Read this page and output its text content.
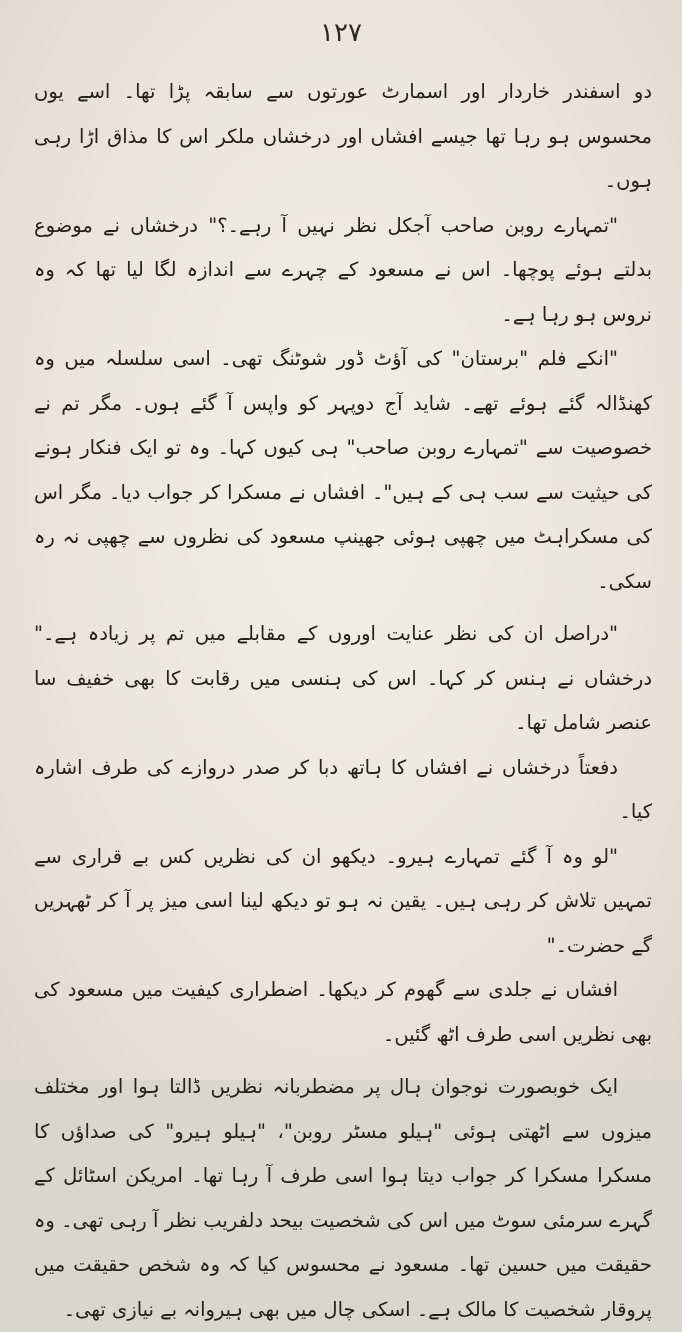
۱۲۷

دو اسفندر خاردار اور اسمارٹ عورتوں سے سابقہ پڑا تھا۔ اسے یوں محسوس ہو رہا تھا جیسے افشاں اور درخشاں ملکر اس کا مذاق اڑا رہی ہوں۔

"تمہارے روبن صاحب آجکل نظر نہیں آ رہے۔؟" درخشاں نے موضوع بدلتے ہوئے پوچھا۔ اس نے مسعود کے چہرے سے اندازہ لگا لیا تھا کہ وہ نروس ہو رہا ہے۔

"انکے فلم "برستان" کی آؤٹ ڈور شوٹنگ تھی۔ اسی سلسلہ میں وہ کھنڈالہ گئے ہوئے تھے۔ شاید آج دوپہر کو واپس آ گئے ہوں۔ مگر تم نے خصوصیت سے "تمہارے روبن صاحب" ہی کیوں کہا۔ وہ تو ایک فنکار ہونے کی حیثیت سے سب ہی کے ہیں"۔ افشاں نے مسکرا کر جواب دیا۔ مگر اس کی مسکراہٹ میں چھپی ہوئی جھینپ مسعود کی نظروں سے چھپی نہ رہ سکی۔

"دراصل ان کی نظر عنایت اوروں کے مقابلے میں تم پر زیادہ ہے۔" درخشاں نے ہنس کر کہا۔ اس کی ہنسی میں رقابت کا بھی خفیف سا عنصر شامل تھا۔

دفعتاً درخشاں نے افشاں کا ہاتھ دبا کر صدر دروازے کی طرف اشارہ کیا۔

"لو وہ آ گئے تمہارے ہیرو۔ دیکھو ان کی نظریں کس بے قراری سے تمہیں تلاش کر رہی ہیں۔ یقین نہ ہو تو دیکھ لینا اسی میز پر آ کر ٹھہریں گے حضرت۔"

افشاں نے جلدی سے گھوم کر دیکھا۔ اضطراری کیفیت میں مسعود کی بھی نظریں اسی طرف اٹھ گئیں۔

ایک خوبصورت نوجوان ہال پر مضطربانہ نظریں ڈالتا ہوا اور مختلف میزوں سے اٹھتی ہوئی "ہیلو مسٹر روبن"، "ہیلو ہیرو" کی صداؤں کا مسکرا مسکرا کر جواب دیتا ہوا اسی طرف آ رہا تھا۔ امریکن اسٹائل کے گہرے سرمئی سوٹ میں اس کی شخصیت بیحد دلفریب نظر آ رہی تھی۔ وہ حقیقت میں حسین تھا۔ مسعود نے محسوس کیا کہ وہ شخص حقیقت میں پروقار شخصیت کا مالک ہے۔ اسکی چال میں بھی ہیروانہ بے نیازی تھی۔
